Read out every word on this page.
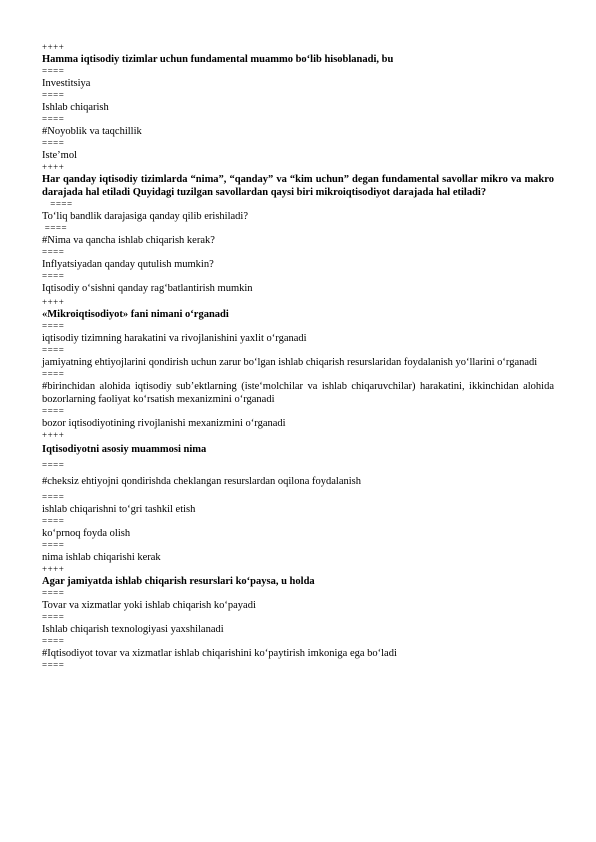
++++
Hamma iqtisodiy tizimlar uchun fundamental muammo bo‘lib hisoblanadi, bu
====
Investitsiya
====
Ishlab chiqarish
====
#Noyoblik va taqchillik
====
Iste’mol
++++
Har qanday iqtisodiy tizimlarda “nima”, “qanday” va “kim uchun” degan fundamental savollar mikro va makro darajada hal etiladi Quyidagi tuzilgan savollardan qaysi biri mikroiqtisodiyot darajada hal etiladi?
====
To‘liq bandlik darajasiga qanday qilib erishiladi?
====
#Nima va qancha ishlab chiqarish kerak?
====
Inflyatsiyadan qanday qutulish mumkin?
====
Iqtisodiy o‘sishni qanday rag‘batlantirish mumkin
++++
«Mikroiqtisodiyot» fani nimani o‘rganadi
====
iqtisodiy tizimning harakatini va rivojlanishini yaxlit o‘rganadi
====
jamiyatning ehtiyojlarini qondirish uchun zarur bo‘lgan ishlab chiqarish resurslaridan foydalanish yo‘llarini o‘rganadi
====
#birinchidan alohida iqtisodiy sub’ektlarning (iste‘molchilar va ishlab chiqaruvchilar) harakatini, ikkinchidan alohida bozorlarning faoliyat ko‘rsatish mexanizmini o‘rganadi
====
bozor iqtisodiyotining rivojlanishi mexanizmini o‘rganadi
++++
Iqtisodiyotni asosiy muammosi nima
====
#cheksiz ehtiyojni qondirishda cheklangan resurslardan oqilona foydalanish
====
ishlab chiqarishni to‘gri tashkil etish
====
ko‘prnoq foyda olish
====
nima ishlab chiqarishi kerak
++++
Agar jamiyatda ishlab chiqarish resurslari ko‘paysa, u holda
====
Tovar va xizmatlar yoki ishlab chiqarish ko‘payadi
====
Ishlab chiqarish texnologiyasi yaxshilanadi
====
#Iqtisodiyot tovar va xizmatlar ishlab chiqarishini ko‘paytirish imkoniga ega bo‘ladi
====
